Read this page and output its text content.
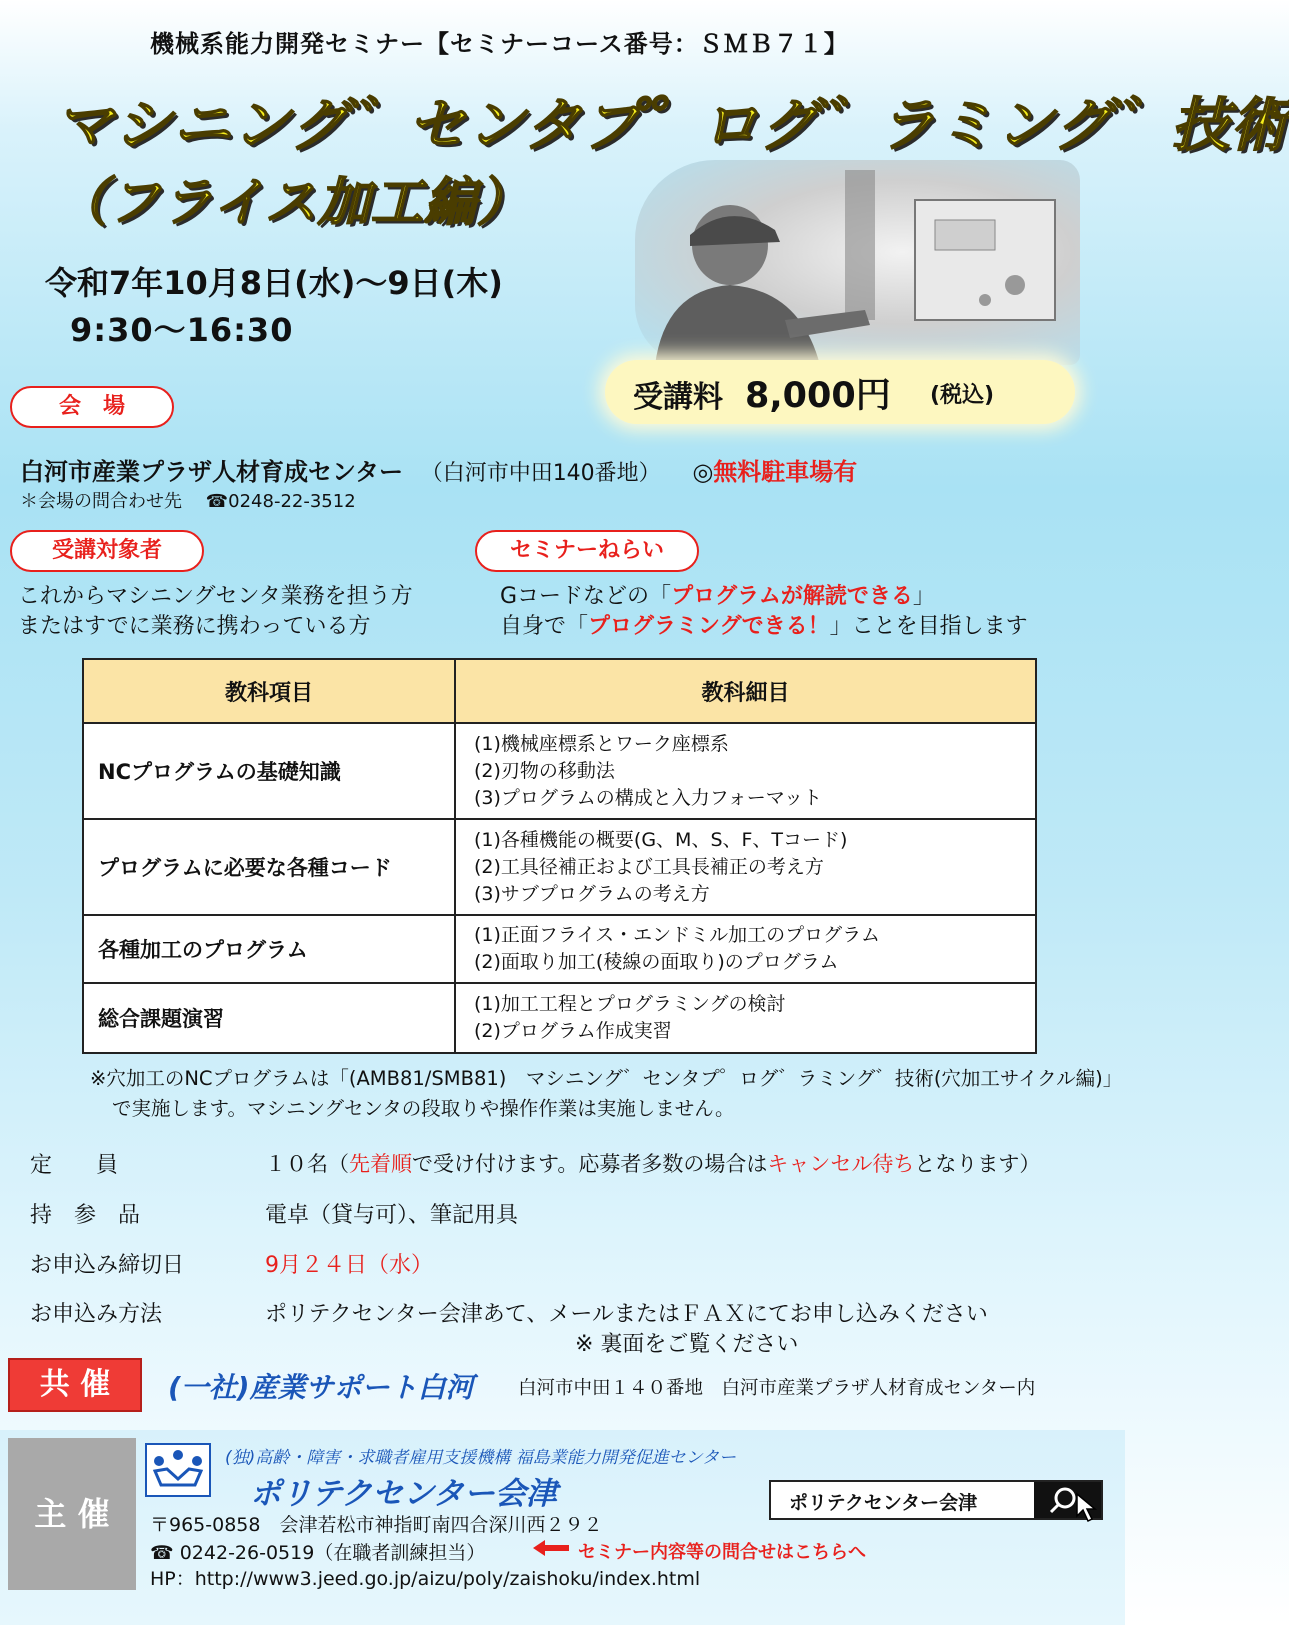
機械系能力開発セミナー【セミナーコース番号：ＳＭＢ７１】
マシニング゛センタプ゜ログ゛ラミング゛技術
（フライス加工編）
令和7年10月8日(水)〜9日(木)
9:30〜16:30
受講料 8,000円 (税込)
会　場
白河市産業プラザ人材育成センター （白河市中田140番地） ◎無料駐車場有
＊会場の問合わせ先 ☎0248-22-3512
受講対象者	セミナーねらい
これからマシニングセンタ業務を担う方
またはすでに業務に携わっている方
Gコードなどの「プログラムが解読できる」
自身で「プログラミングできる！」ことを目指します
教科項目	教科細目
NCプログラムの基礎知識	(1)機械座標系とワーク座標系
(2)刃物の移動法
(3)プログラムの構成と入力フォーマット

プログラムに必要な各種コード	(1)各種機能の概要(G、M、S、F、Tコード)
(2)工具径補正および工具長補正の考え方
(3)サブプログラムの考え方

各種加工のプログラム	(1)正面フライス・エンドミル加工のプログラム
(2)面取り加工(稜線の面取り)のプログラム

総合課題演習	(1)加工工程とプログラミングの検討
(2)プログラム作成実習
※穴加工のNCプログラムは「(AMB81/SMB81)　マシニング゛センタプ゜ログ゛ラミング゛技術(穴加工サイクル編)」
で実施します。マシニングセンタの段取りや操作作業は実施しません。
定　　員	１０名（先着順で受け付けます。応募者多数の場合はキャンセル待ちとなります）
持　参　品	電卓（貸与可）、筆記用具
お申込み締切日	9月２４日（水）
お申込み方法	ポリテクセンター会津あて、メールまたはＦＡＸにてお申し込みください
※ 裏面をご覧ください
共 催	(一社)産業サポート白河 白河市中田１４０番地　白河市産業プラザ人材育成センター内
主 催
(独)高齢・障害・求職者雇用支援機構 福島業能力開発促進センター
ポリテクセンター会津
〒965-0858　会津若松市神指町南四合深川西２９２
☎ 0242-26-0519（在職者訓練担当）	セミナー内容等の問合せはこちらへ
HP：http://www3.jeed.go.jp/aizu/poly/zaishoku/index.html
ポリテクセンター会津
